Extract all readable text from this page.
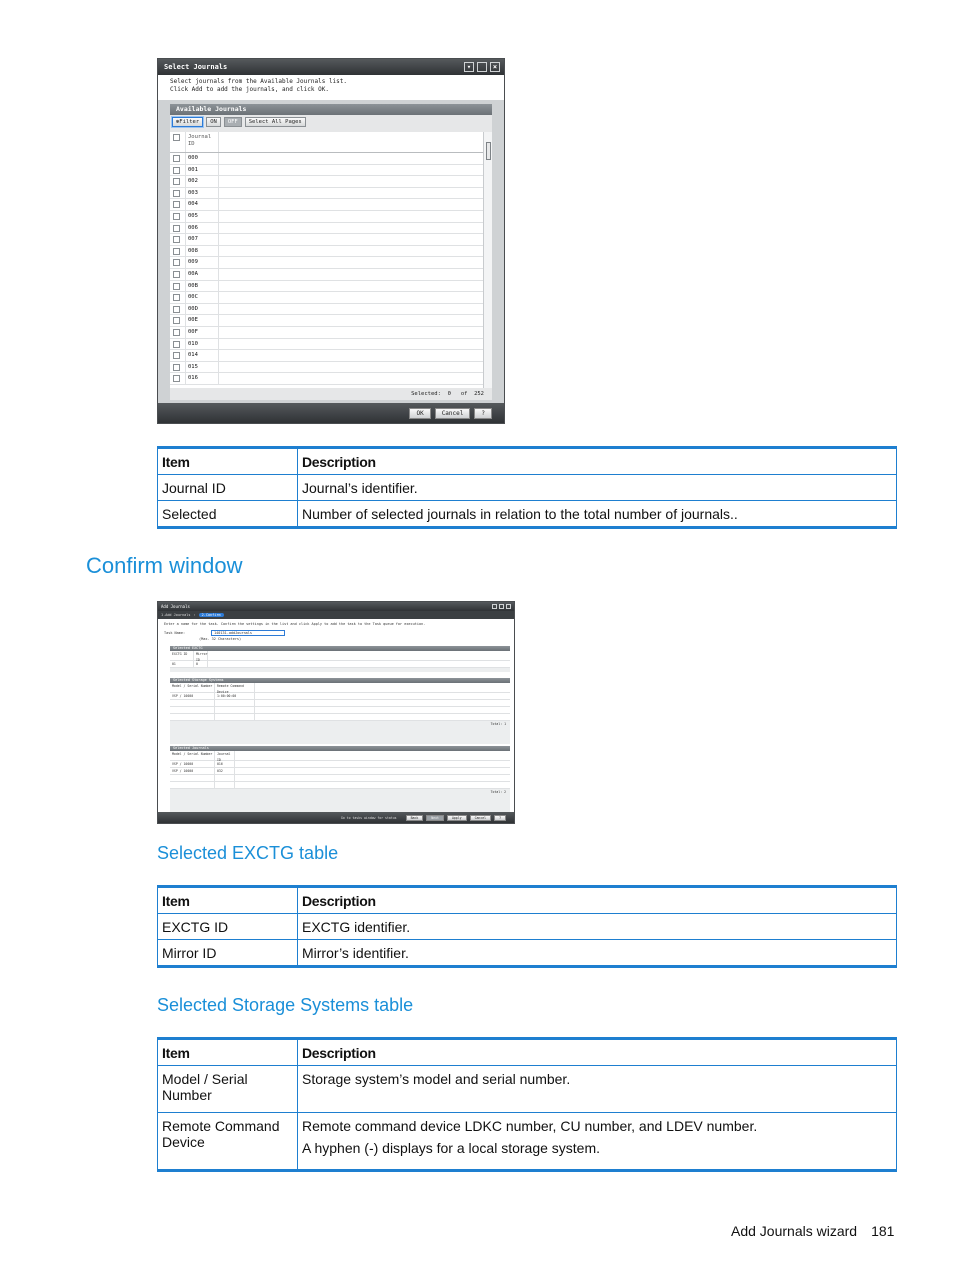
Select Journals	▾	×
Select journals from the Available Journals list.
Click Add to add the journals, and click OK.
Available Journals
⊛Filter	ON	OFF	Select All Pages
Journal ID
000
001
002
003
004
005
006
007
008
009
00A
00B
00C
00D
00E
00F
010
014
015
016
Selected: 0 of 252
OK	Cancel	?
Item	Description
Journal ID	Journal’s identifier.
Selected	Number of selected journals in relation to the total number of journals..
Confirm window
Add Journals
1.Add Journals ›	2.Confirm
Enter a name for the task. Confirm the settings in the list and click Apply to add the task to the Task queue for execution.
Task Name:	140131-addJournals
(Max. 32 Characters)
Selected EXCTG
EXCTG ID	Mirror ID
01	0
Selected Storage Systems
Model / Serial Number	Remote Command Device
VSP / 10000	1:00:00:00
Total: 1
Selected Journals
Model / Serial Number	Journal ID
VSP / 10000	016
VSP / 10000	032
Total: 2
Go to tasks window for status	Back	Next	Apply	Cancel	?
Selected EXCTG table
Item	Description
EXCTG ID	EXCTG identifier.
Mirror ID	Mirror’s identifier.
Selected Storage Systems table
Item	Description
Model / Serial Number	Storage system’s model and serial number.

Remote Command Device	Remote command device LDKC number, CU number, and LDEV number.

A hyphen (-) displays for a local storage system.

Add Journals wizard 181
